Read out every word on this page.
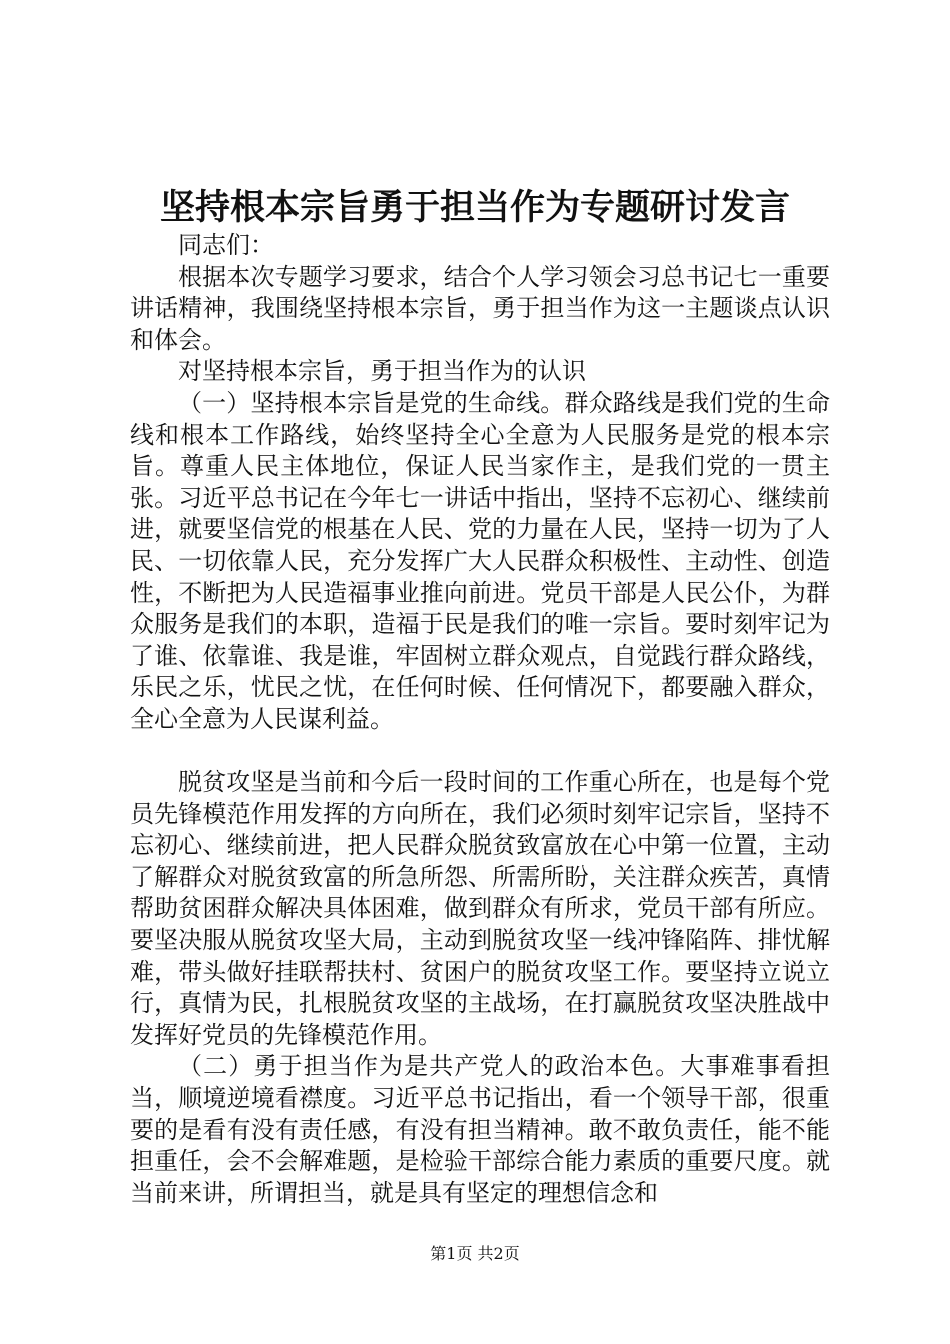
坚持根本宗旨勇于担当作为专题研讨发言

同志们：

根据本次专题学习要求，结合个人学习领会习总书记七一重要讲话精神，我围绕坚持根本宗旨，勇于担当作为这一主题谈点认识和体会。

对坚持根本宗旨，勇于担当作为的认识

（一）坚持根本宗旨是党的生命线。群众路线是我们党的生命线和根本工作路线，始终坚持全心全意为人民服务是党的根本宗旨。尊重人民主体地位，保证人民当家作主，是我们党的一贯主张。习近平总书记在今年七一讲话中指出，坚持不忘初心、继续前进，就要坚信党的根基在人民、党的力量在人民，坚持一切为了人民、一切依靠人民，充分发挥广大人民群众积极性、主动性、创造性，不断把为人民造福事业推向前进。党员干部是人民公仆，为群众服务是我们的本职，造福于民是我们的唯一宗旨。要时刻牢记为了谁、依靠谁、我是谁，牢固树立群众观点，自觉践行群众路线，乐民之乐，忧民之忧，在任何时候、任何情况下，都要融入群众，全心全意为人民谋利益。

脱贫攻坚是当前和今后一段时间的工作重心所在，也是每个党员先锋模范作用发挥的方向所在，我们必须时刻牢记宗旨，坚持不忘初心、继续前进，把人民群众脱贫致富放在心中第一位置，主动了解群众对脱贫致富的所急所怨、所需所盼，关注群众疾苦，真情帮助贫困群众解决具体困难，做到群众有所求，党员干部有所应。要坚决服从脱贫攻坚大局，主动到脱贫攻坚一线冲锋陷阵、排忧解难，带头做好挂联帮扶村、贫困户的脱贫攻坚工作。要坚持立说立行，真情为民，扎根脱贫攻坚的主战场，在打赢脱贫攻坚决胜战中发挥好党员的先锋模范作用。

（二）勇于担当作为是共产党人的政治本色。大事难事看担当，顺境逆境看襟度。习近平总书记指出，看一个领导干部，很重要的是看有没有责任感，有没有担当精神。敢不敢负责任，能不能担重任，会不会解难题，是检验干部综合能力素质的重要尺度。就当前来讲，所谓担当，就是具有坚定的理想信念和

第1页 共2页
